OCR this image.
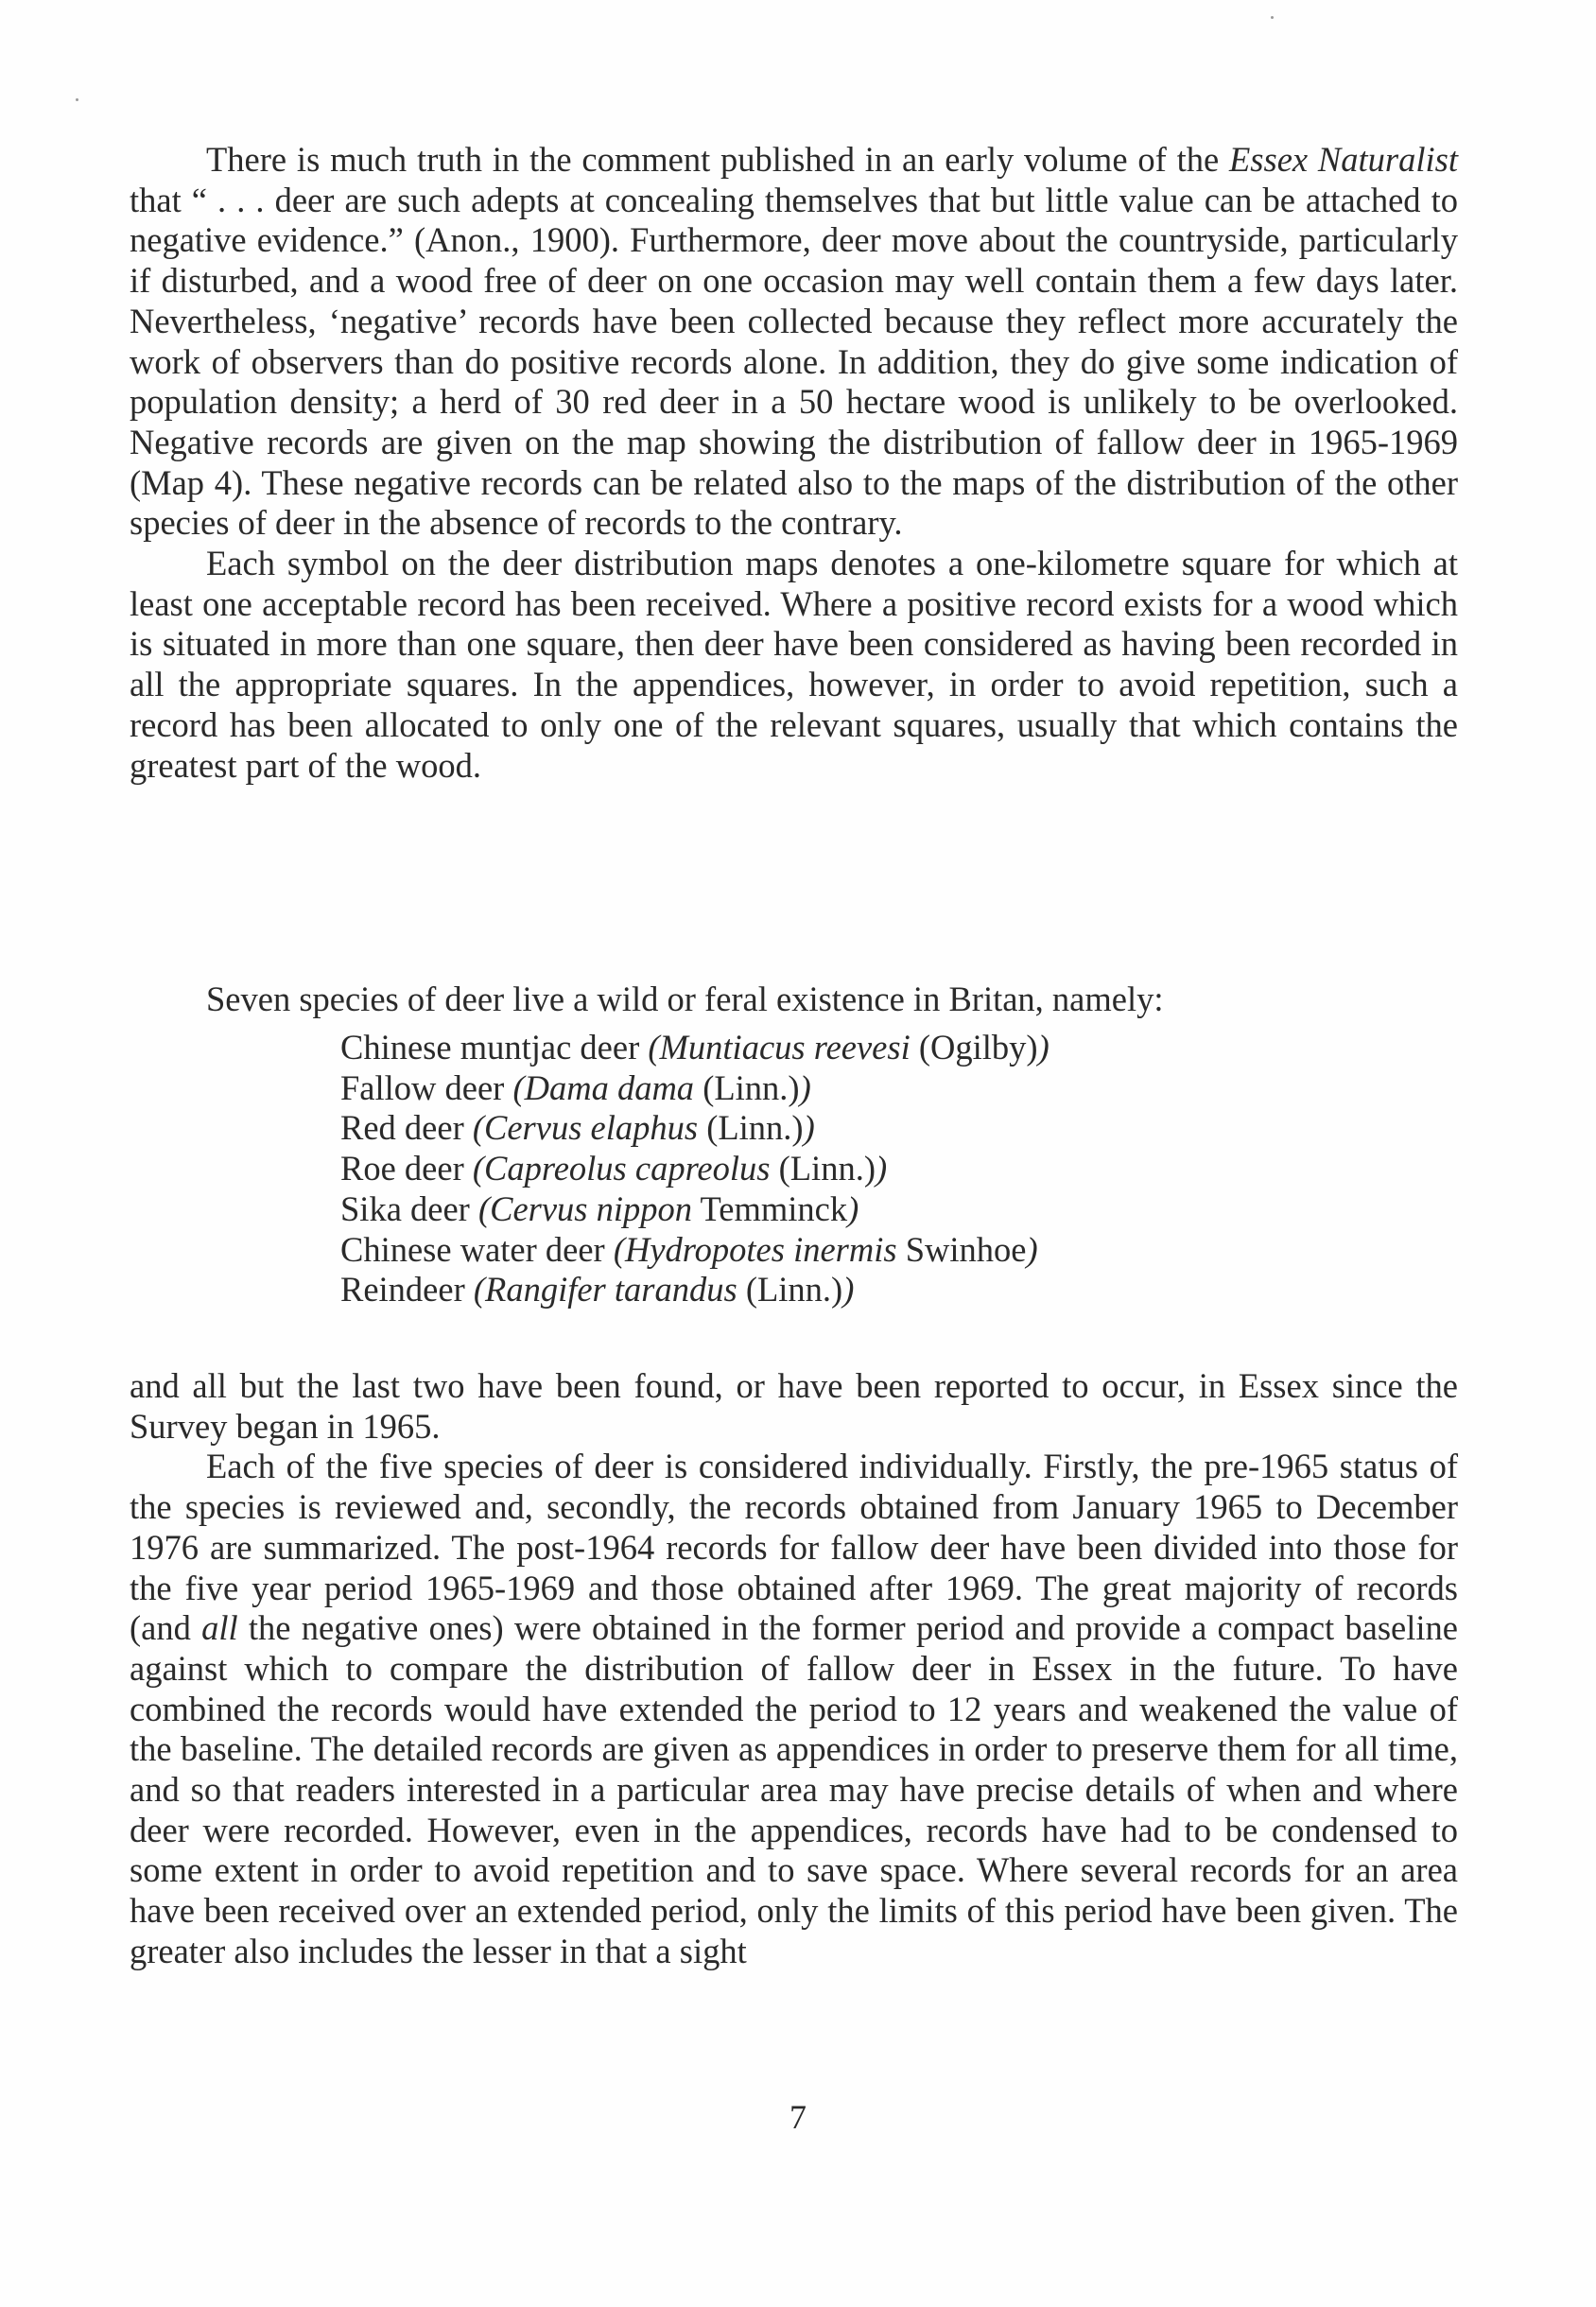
There is much truth in the comment published in an early volume of the Essex Naturalist that “ . . . deer are such adepts at concealing themselves that but little value can be attached to negative evidence.” (Anon., 1900). Furthermore, deer move about the countryside, particularly if disturbed, and a wood free of deer on one occasion may well contain them a few days later. Nevertheless, ‘negative’ records have been collected because they reflect more accurately the work of observers than do positive records alone. In addition, they do give some indication of population density; a herd of 30 red deer in a 50 hectare wood is unlikely to be overlooked. Negative records are given on the map showing the distribution of fallow deer in 1965-1969 (Map 4). These negative records can be related also to the maps of the distribution of the other species of deer in the absence of records to the contrary.

Each symbol on the deer distribution maps denotes a one-kilometre square for which at least one acceptable record has been received. Where a positive record exists for a wood which is situated in more than one square, then deer have been considered as having been recorded in all the appropriate squares. In the appendices, however, in order to avoid repetition, such a record has been allocated to only one of the relevant squares, usually that which contains the greatest part of the wood.

Seven species of deer live a wild or feral existence in Britan, namely:

Chinese muntjac deer (Muntiacus reevesi (Ogilby))
Fallow deer (Dama dama (Linn.))
Red deer (Cervus elaphus (Linn.))
Roe deer (Capreolus capreolus (Linn.))
Sika deer (Cervus nippon Temminck)
Chinese water deer (Hydropotes inermis Swinhoe)
Reindeer (Rangifer tarandus (Linn.))

and all but the last two have been found, or have been reported to occur, in Essex since the Survey began in 1965.

Each of the five species of deer is considered individually. Firstly, the pre-1965 status of the species is reviewed and, secondly, the records obtained from January 1965 to December 1976 are summarized. The post-1964 records for fallow deer have been divided into those for the five year period 1965-1969 and those obtained after 1969. The great majority of records (and all the negative ones) were obtained in the former period and provide a compact baseline against which to compare the distribution of fallow deer in Essex in the future. To have combined the records would have extended the period to 12 years and weakened the value of the baseline. The detailed records are given as appendices in order to preserve them for all time, and so that readers interested in a particular area may have precise details of when and where deer were recorded. However, even in the appendices, records have had to be condensed to some extent in order to avoid repetition and to save space. Where several records for an area have been received over an extended period, only the limits of this period have been given. The greater also includes the lesser in that a sight

7
